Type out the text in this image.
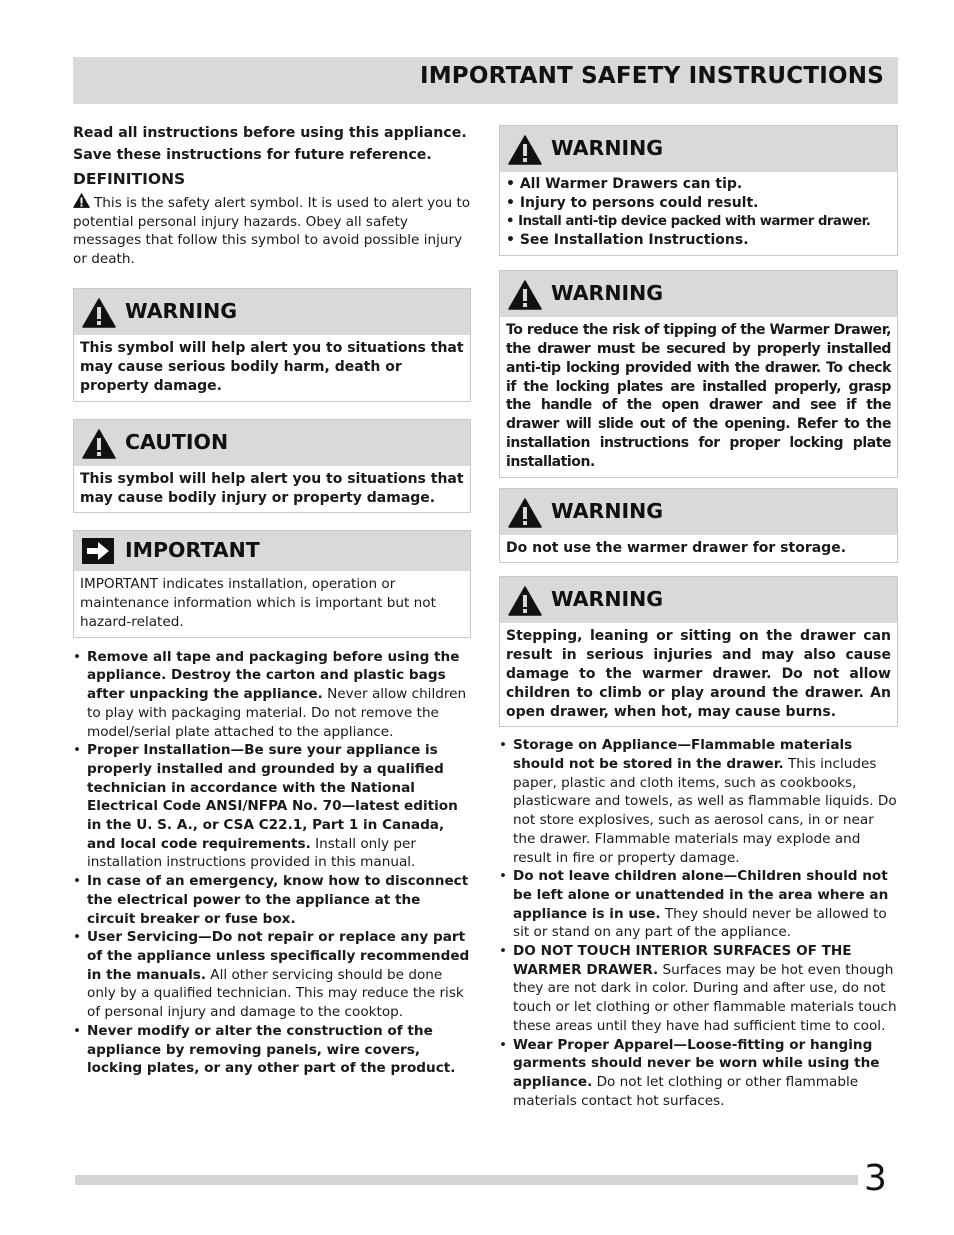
IMPORTANT SAFETY INSTRUCTIONS
Read all instructions before using this appliance.
Save these instructions for future reference.
DEFINITIONS
This is the safety alert symbol. It is used to alert you to potential personal injury hazards. Obey all safety messages that follow this symbol to avoid possible injury or death.
WARNING
This symbol will help alert you to situations that may cause serious bodily harm, death or property damage.
CAUTION
This symbol will help alert you to situations that may cause bodily injury or property damage.
IMPORTANT
IMPORTANT indicates installation, operation or maintenance information which is important but not hazard-related.
• Remove all tape and packaging before using the appliance. Destroy the carton and plastic bags after unpacking the appliance. Never allow children to play with packaging material. Do not remove the model/serial plate attached to the appliance.
• Proper Installation—Be sure your appliance is properly installed and grounded by a qualified technician in accordance with the National Electrical Code ANSI/NFPA No. 70—latest edition in the U. S. A., or CSA C22.1, Part 1 in Canada, and local code requirements. Install only per installation instructions provided in this manual.
• In case of an emergency, know how to disconnect the electrical power to the appliance at the circuit breaker or fuse box.
• User Servicing—Do not repair or replace any part of the appliance unless specifically recommended in the manuals. All other servicing should be done only by a qualified technician. This may reduce the risk of personal injury and damage to the cooktop.
• Never modify or alter the construction of the appliance by removing panels, wire covers, locking plates, or any other part of the product.
WARNING
• All Warmer Drawers can tip.
• Injury to persons could result.
• Install anti-tip device packed with warmer drawer.
• See Installation Instructions.
WARNING
To reduce the risk of tipping of the Warmer Drawer, the drawer must be secured by properly installed anti-tip locking provided with the drawer. To check if the locking plates are installed properly, grasp the handle of the open drawer and see if the drawer will slide out of the opening. Refer to the installation instructions for proper locking plate installation.
WARNING
Do not use the warmer drawer for storage.
WARNING
Stepping, leaning or sitting on the drawer can result in serious injuries and may also cause damage to the warmer drawer. Do not allow children to climb or play around the drawer. An open drawer, when hot, may cause burns.
• Storage on Appliance—Flammable materials should not be stored in the drawer. This includes paper, plastic and cloth items, such as cookbooks, plasticware and towels, as well as flammable liquids. Do not store explosives, such as aerosol cans, in or near the drawer. Flammable materials may explode and result in fire or property damage.
• Do not leave children alone—Children should not be left alone or unattended in the area where an appliance is in use. They should never be allowed to sit or stand on any part of the appliance.
• DO NOT TOUCH INTERIOR SURFACES OF THE WARMER DRAWER. Surfaces may be hot even though they are not dark in color. During and after use, do not touch or let clothing or other flammable materials touch these areas until they have had sufficient time to cool.
• Wear Proper Apparel—Loose-fitting or hanging garments should never be worn while using the appliance. Do not let clothing or other flammable materials contact hot surfaces.
3
